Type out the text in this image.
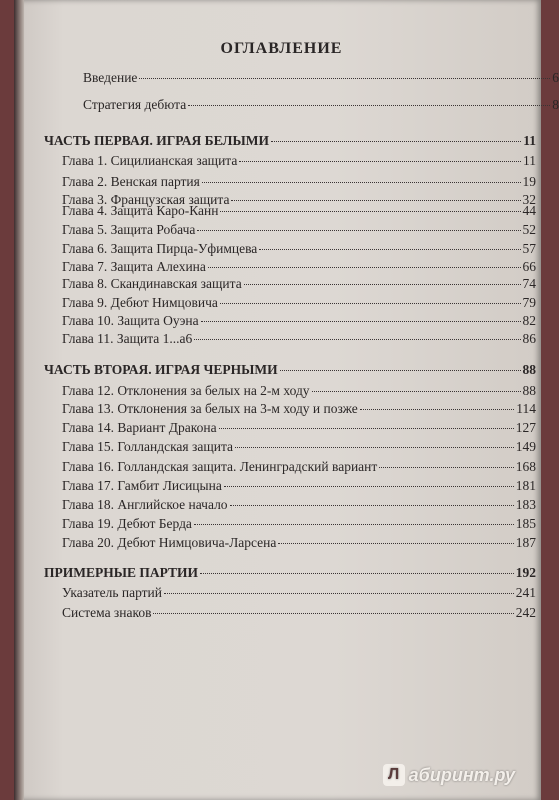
ОГЛАВЛЕНИЕ
Введение	6
Стратегия дебюта	8
ЧАСТЬ ПЕРВАЯ. ИГРАЯ БЕЛЫМИ	11
Глава 1. Сицилианская защита	11
Глава 2. Венская партия	19
Глава 3. Французская защита	32
Глава 4. Защита Каро-Канн	44
Глава 5. Защита Робача	52
Глава 6. Защита Пирца-Уфимцева	57
Глава 7. Защита Алехина	66
Глава 8. Скандинавская защита	74
Глава 9. Дебют Нимцовича	79
Глава 10. Защита Оуэна	82
Глава 11. Защита 1...a6	86
ЧАСТЬ ВТОРАЯ. ИГРАЯ ЧЕРНЫМИ	88
Глава 12. Отклонения за белых на 2-м ходу	88
Глава 13. Отклонения за белых на 3-м ходу и позже	114
Глава 14. Вариант Дракона	127
Глава 15. Голландская защита	149
Глава 16. Голландская защита. Ленинградский вариант	168
Глава 17. Гамбит Лисицына	181
Глава 18. Английское начало	183
Глава 19. Дебют Берда	185
Глава 20. Дебют Нимцовича-Ларсена	187
ПРИМЕРНЫЕ ПАРТИИ	192
Указатель партий	241
Система знаков	242
Л абиринт.ру
